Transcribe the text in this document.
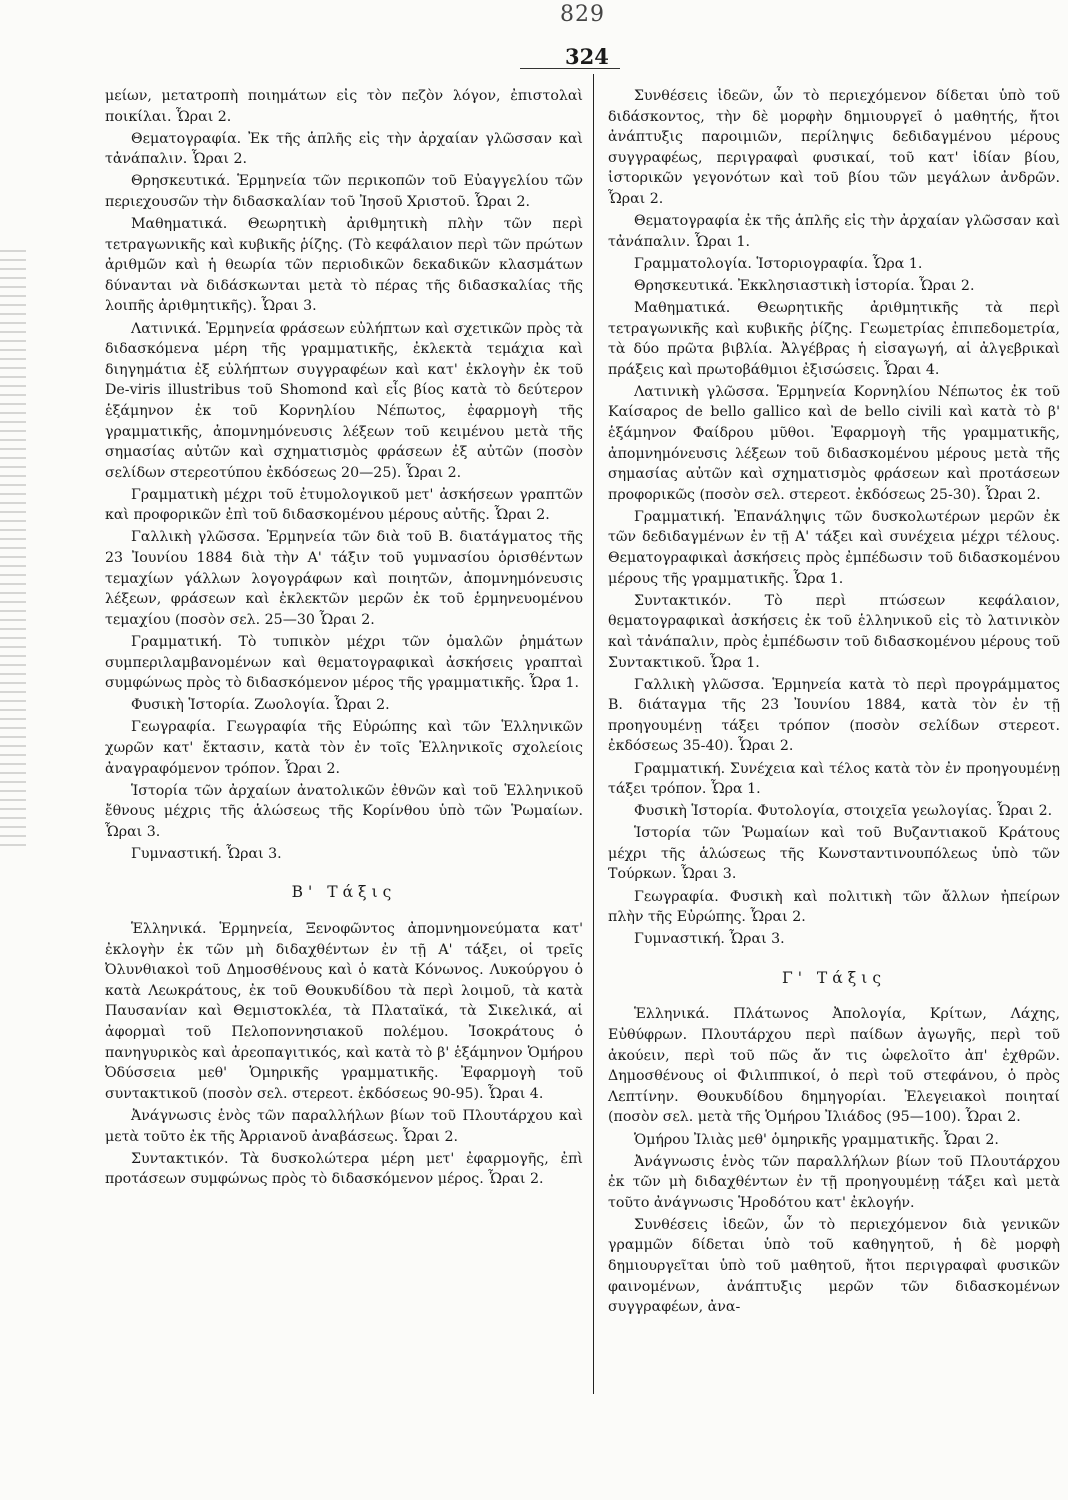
829
324

μείων, μετατροπὴ ποιημάτων εἰς τὸν πεζὸν λόγον, ἐπιστολαὶ ποικίλαι. Ὧραι 2.

Θεματογραφία. Ἐκ τῆς ἁπλῆς εἰς τὴν ἀρχαίαν γλῶσσαν καὶ τἀνάπαλιν. Ὧραι 2.

Θρησκευτικά. Ἑρμηνεία τῶν περικοπῶν τοῦ Εὐαγγελίου τῶν περιεχουσῶν τὴν διδασκαλίαν τοῦ Ἰησοῦ Χριστοῦ. Ὧραι 2.

Μαθηματικά. Θεωρητικὴ ἀριθμητικὴ πλὴν τῶν περὶ τετραγωνικῆς καὶ κυβικῆς ῥίζης. (Τὸ κεφάλαιον περὶ τῶν πρώτων ἀριθμῶν καὶ ἡ θεωρία τῶν περιοδικῶν δεκαδικῶν κλασμάτων δύνανται νὰ διδάσκωνται μετὰ τὸ πέρας τῆς διδασκαλίας τῆς λοιπῆς ἀριθμητικῆς). Ὧραι 3.

Λατινικά. Ἑρμηνεία φράσεων εὐλήπτων καὶ σχετικῶν πρὸς τὰ διδασκόμενα μέρη τῆς γραμματικῆς, ἐκλεκτὰ τεμάχια καὶ διηγημάτια ἐξ εὐλήπτων συγγραφέων καὶ κατ' ἐκλογὴν ἐκ τοῦ De-viris illustribus τοῦ Shomond καὶ εἷς βίος κατὰ τὸ δεύτερον ἑξάμηνον ἐκ τοῦ Κορνηλίου Νέπωτος, ἐφαρμογὴ τῆς γραμματικῆς, ἀπομνημόνευσις λέξεων τοῦ κειμένου μετὰ τῆς σημασίας αὐτῶν καὶ σχηματισμὸς φράσεων ἐξ αὐτῶν (ποσὸν σελίδων στερεοτύπου ἐκδόσεως 20—25). Ὧραι 2.

Γραμματικὴ μέχρι τοῦ ἐτυμολογικοῦ μετ' ἀσκήσεων γραπτῶν καὶ προφορικῶν ἐπὶ τοῦ διδασκομένου μέρους αὐτῆς. Ὧραι 2.

Γαλλικὴ γλῶσσα. Ἑρμηνεία τῶν διὰ τοῦ Β. διατάγματος τῆς 23 Ἰουνίου 1884 διὰ τὴν Α' τάξιν τοῦ γυμνασίου ὁρισθέντων τεμαχίων γάλλων λογογράφων καὶ ποιητῶν, ἀπομνημόνευσις λέξεων, φράσεων καὶ ἐκλεκτῶν μερῶν ἐκ τοῦ ἑρμηνευομένου τεμαχίου (ποσὸν σελ. 25—30 Ὧραι 2.

Γραμματική. Τὸ τυπικὸν μέχρι τῶν ὁμαλῶν ῥημάτων συμπεριλαμβανομένων καὶ θεματογραφικαὶ ἀσκήσεις γραπταὶ συμφώνως πρὸς τὸ διδασκόμενον μέρος τῆς γραμματικῆς. Ὧρα 1.

Φυσικὴ Ἱστορία. Ζωολογία. Ὧραι 2.

Γεωγραφία. Γεωγραφία τῆς Εὐρώπης καὶ τῶν Ἑλληνικῶν χωρῶν κατ' ἔκτασιν, κατὰ τὸν ἐν τοῖς Ἑλληνικοῖς σχολείοις ἀναγραφόμενον τρόπον. Ὧραι 2.

Ἱστορία τῶν ἀρχαίων ἀνατολικῶν ἐθνῶν καὶ τοῦ Ἑλληνικοῦ ἔθνους μέχρις τῆς ἁλώσεως τῆς Κορίνθου ὑπὸ τῶν Ῥωμαίων. Ὧραι 3.

Γυμναστική. Ὧραι 3.

Β' Τάξις

Ἑλληνικά. Ἑρμηνεία, Ξενοφῶντος ἀπομνημονεύματα κατ' ἐκλογὴν ἐκ τῶν μὴ διδαχθέντων ἐν τῇ Α' τάξει, οἱ τρεῖς Ὀλυνθιακοὶ τοῦ Δημοσθένους καὶ ὁ κατὰ Κόνωνος. Λυκούργου ὁ κατὰ Λεωκράτους, ἐκ τοῦ Θουκυδίδου τὰ περὶ λοιμοῦ, τὰ κατὰ Παυσανίαν καὶ Θεμιστοκλέα, τὰ Πλαταϊκά, τὰ Σικελικά, αἱ ἀφορμαὶ τοῦ Πελοποννησιακοῦ πολέμου. Ἰσοκράτους ὁ πανηγυρικὸς καὶ ἀρεοπαγιτικός, καὶ κατὰ τὸ β' ἑξάμηνον Ὁμήρου Ὀδύσσεια μεθ' Ὁμηρικῆς γραμματικῆς. Ἐφαρμογὴ τοῦ συντακτικοῦ (ποσὸν σελ. στερεοτ. ἐκδόσεως 90-95). Ὧραι 4.

Ἀνάγνωσις ἑνὸς τῶν παραλλήλων βίων τοῦ Πλουτάρχου καὶ μετὰ τοῦτο ἐκ τῆς Ἀρριανοῦ ἀναβάσεως. Ὧραι 2.

Συντακτικόν. Τὰ δυσκολώτερα μέρη μετ' ἐφαρμογῆς, ἐπὶ προτάσεων συμφώνως πρὸς τὸ διδασκόμενον μέρος. Ὧραι 2.

Συνθέσεις ἰδεῶν, ὧν τὸ περιεχόμενον δίδεται ὑπὸ τοῦ διδάσκοντος, τὴν δὲ μορφὴν δημιουργεῖ ὁ μαθητής, ἤτοι ἀνάπτυξις παροιμιῶν, περίληψις δεδιδαγμένου μέρους συγγραφέως, περιγραφαὶ φυσικαί, τοῦ κατ' ἰδίαν βίου, ἱστορικῶν γεγονότων καὶ τοῦ βίου τῶν μεγάλων ἀνδρῶν. Ὧραι 2.

Θεματογραφία ἐκ τῆς ἁπλῆς εἰς τὴν ἀρχαίαν γλῶσσαν καὶ τἀνάπαλιν. Ὧραι 1.

Γραμματολογία. Ἱστοριογραφία. Ὧρα 1.

Θρησκευτικά. Ἐκκλησιαστικὴ ἱστορία. Ὧραι 2.

Μαθηματικά. Θεωρητικῆς ἀριθμητικῆς τὰ περὶ τετραγωνικῆς καὶ κυβικῆς ῥίζης. Γεωμετρίας ἐπιπεδομετρία, τὰ δύο πρῶτα βιβλία. Ἀλγέβρας ἡ εἰσαγωγή, αἱ ἀλγεβρικαὶ πράξεις καὶ πρωτοβάθμιοι ἐξισώσεις. Ὧραι 4.

Λατινικὴ γλῶσσα. Ἑρμηνεία Κορνηλίου Νέπωτος ἐκ τοῦ Καίσαρος de bello gallico καὶ de bello civili καὶ κατὰ τὸ β' ἑξάμηνον Φαίδρου μῦθοι. Ἐφαρμογὴ τῆς γραμματικῆς, ἀπομνημόνευσις λέξεων τοῦ διδασκομένου μέρους μετὰ τῆς σημασίας αὐτῶν καὶ σχηματισμὸς φράσεων καὶ προτάσεων προφορικῶς (ποσὸν σελ. στερεοτ. ἐκδόσεως 25-30). Ὧραι 2.

Γραμματική. Ἐπανάληψις τῶν δυσκολωτέρων μερῶν ἐκ τῶν δεδιδαγμένων ἐν τῇ Α' τάξει καὶ συνέχεια μέχρι τέλους. Θεματογραφικαὶ ἀσκήσεις πρὸς ἐμπέδωσιν τοῦ διδασκομένου μέρους τῆς γραμματικῆς. Ὧρα 1.

Συντακτικόν. Τὸ περὶ πτώσεων κεφάλαιον, θεματογραφικαὶ ἀσκήσεις ἐκ τοῦ ἑλληνικοῦ εἰς τὸ λατινικὸν καὶ τἀνάπαλιν, πρὸς ἐμπέδωσιν τοῦ διδασκομένου μέρους τοῦ Συντακτικοῦ. Ὧρα 1.

Γαλλικὴ γλῶσσα. Ἑρμηνεία κατὰ τὸ περὶ προγράμματος Β. διάταγμα τῆς 23 Ἰουνίου 1884, κατὰ τὸν ἐν τῇ προηγουμένῃ τάξει τρόπον (ποσὸν σελίδων στερεοτ. ἐκδόσεως 35-40). Ὧραι 2.

Γραμματική. Συνέχεια καὶ τέλος κατὰ τὸν ἐν προηγουμένῃ τάξει τρόπον. Ὧρα 1.

Φυσικὴ Ἱστορία. Φυτολογία, στοιχεῖα γεωλογίας. Ὧραι 2.

Ἱστορία τῶν Ῥωμαίων καὶ τοῦ Βυζαντιακοῦ Κράτους μέχρι τῆς ἁλώσεως τῆς Κωνσταντινουπόλεως ὑπὸ τῶν Τούρκων. Ὧραι 3.

Γεωγραφία. Φυσικὴ καὶ πολιτικὴ τῶν ἄλλων ἠπείρων πλὴν τῆς Εὐρώπης. Ὧραι 2.

Γυμναστική. Ὧραι 3.

Γ' Τάξις

Ἑλληνικά. Πλάτωνος Ἀπολογία, Κρίτων, Λάχης, Εὐθύφρων. Πλουτάρχου περὶ παίδων ἀγωγῆς, περὶ τοῦ ἀκούειν, περὶ τοῦ πῶς ἄν τις ὠφελοῖτο ἀπ' ἐχθρῶν. Δημοσθένους οἱ Φιλιππικοί, ὁ περὶ τοῦ στεφάνου, ὁ πρὸς Λεπτίνην. Θουκυδίδου δημηγορίαι. Ἐλεγειακοὶ ποιηταί (ποσὸν σελ. μετὰ τῆς Ὁμήρου Ἰλιάδος (95—100). Ὧραι 2.

Ὁμήρου Ἰλιὰς μεθ' ὁμηρικῆς γραμματικῆς. Ὧραι 2.

Ἀνάγνωσις ἑνὸς τῶν παραλλήλων βίων τοῦ Πλουτάρχου ἐκ τῶν μὴ διδαχθέντων ἐν τῇ προηγουμένῃ τάξει καὶ μετὰ τοῦτο ἀνάγνωσις Ἡροδότου κατ' ἐκλογήν.

Συνθέσεις ἰδεῶν, ὧν τὸ περιεχόμενον διὰ γενικῶν γραμμῶν δίδεται ὑπὸ τοῦ καθηγητοῦ, ἡ δὲ μορφὴ δημιουργεῖται ὑπὸ τοῦ μαθητοῦ, ἤτοι περιγραφαὶ φυσικῶν φαινομένων, ἀνάπτυξις μερῶν τῶν διδασκομένων συγγραφέων, ἀνα-
